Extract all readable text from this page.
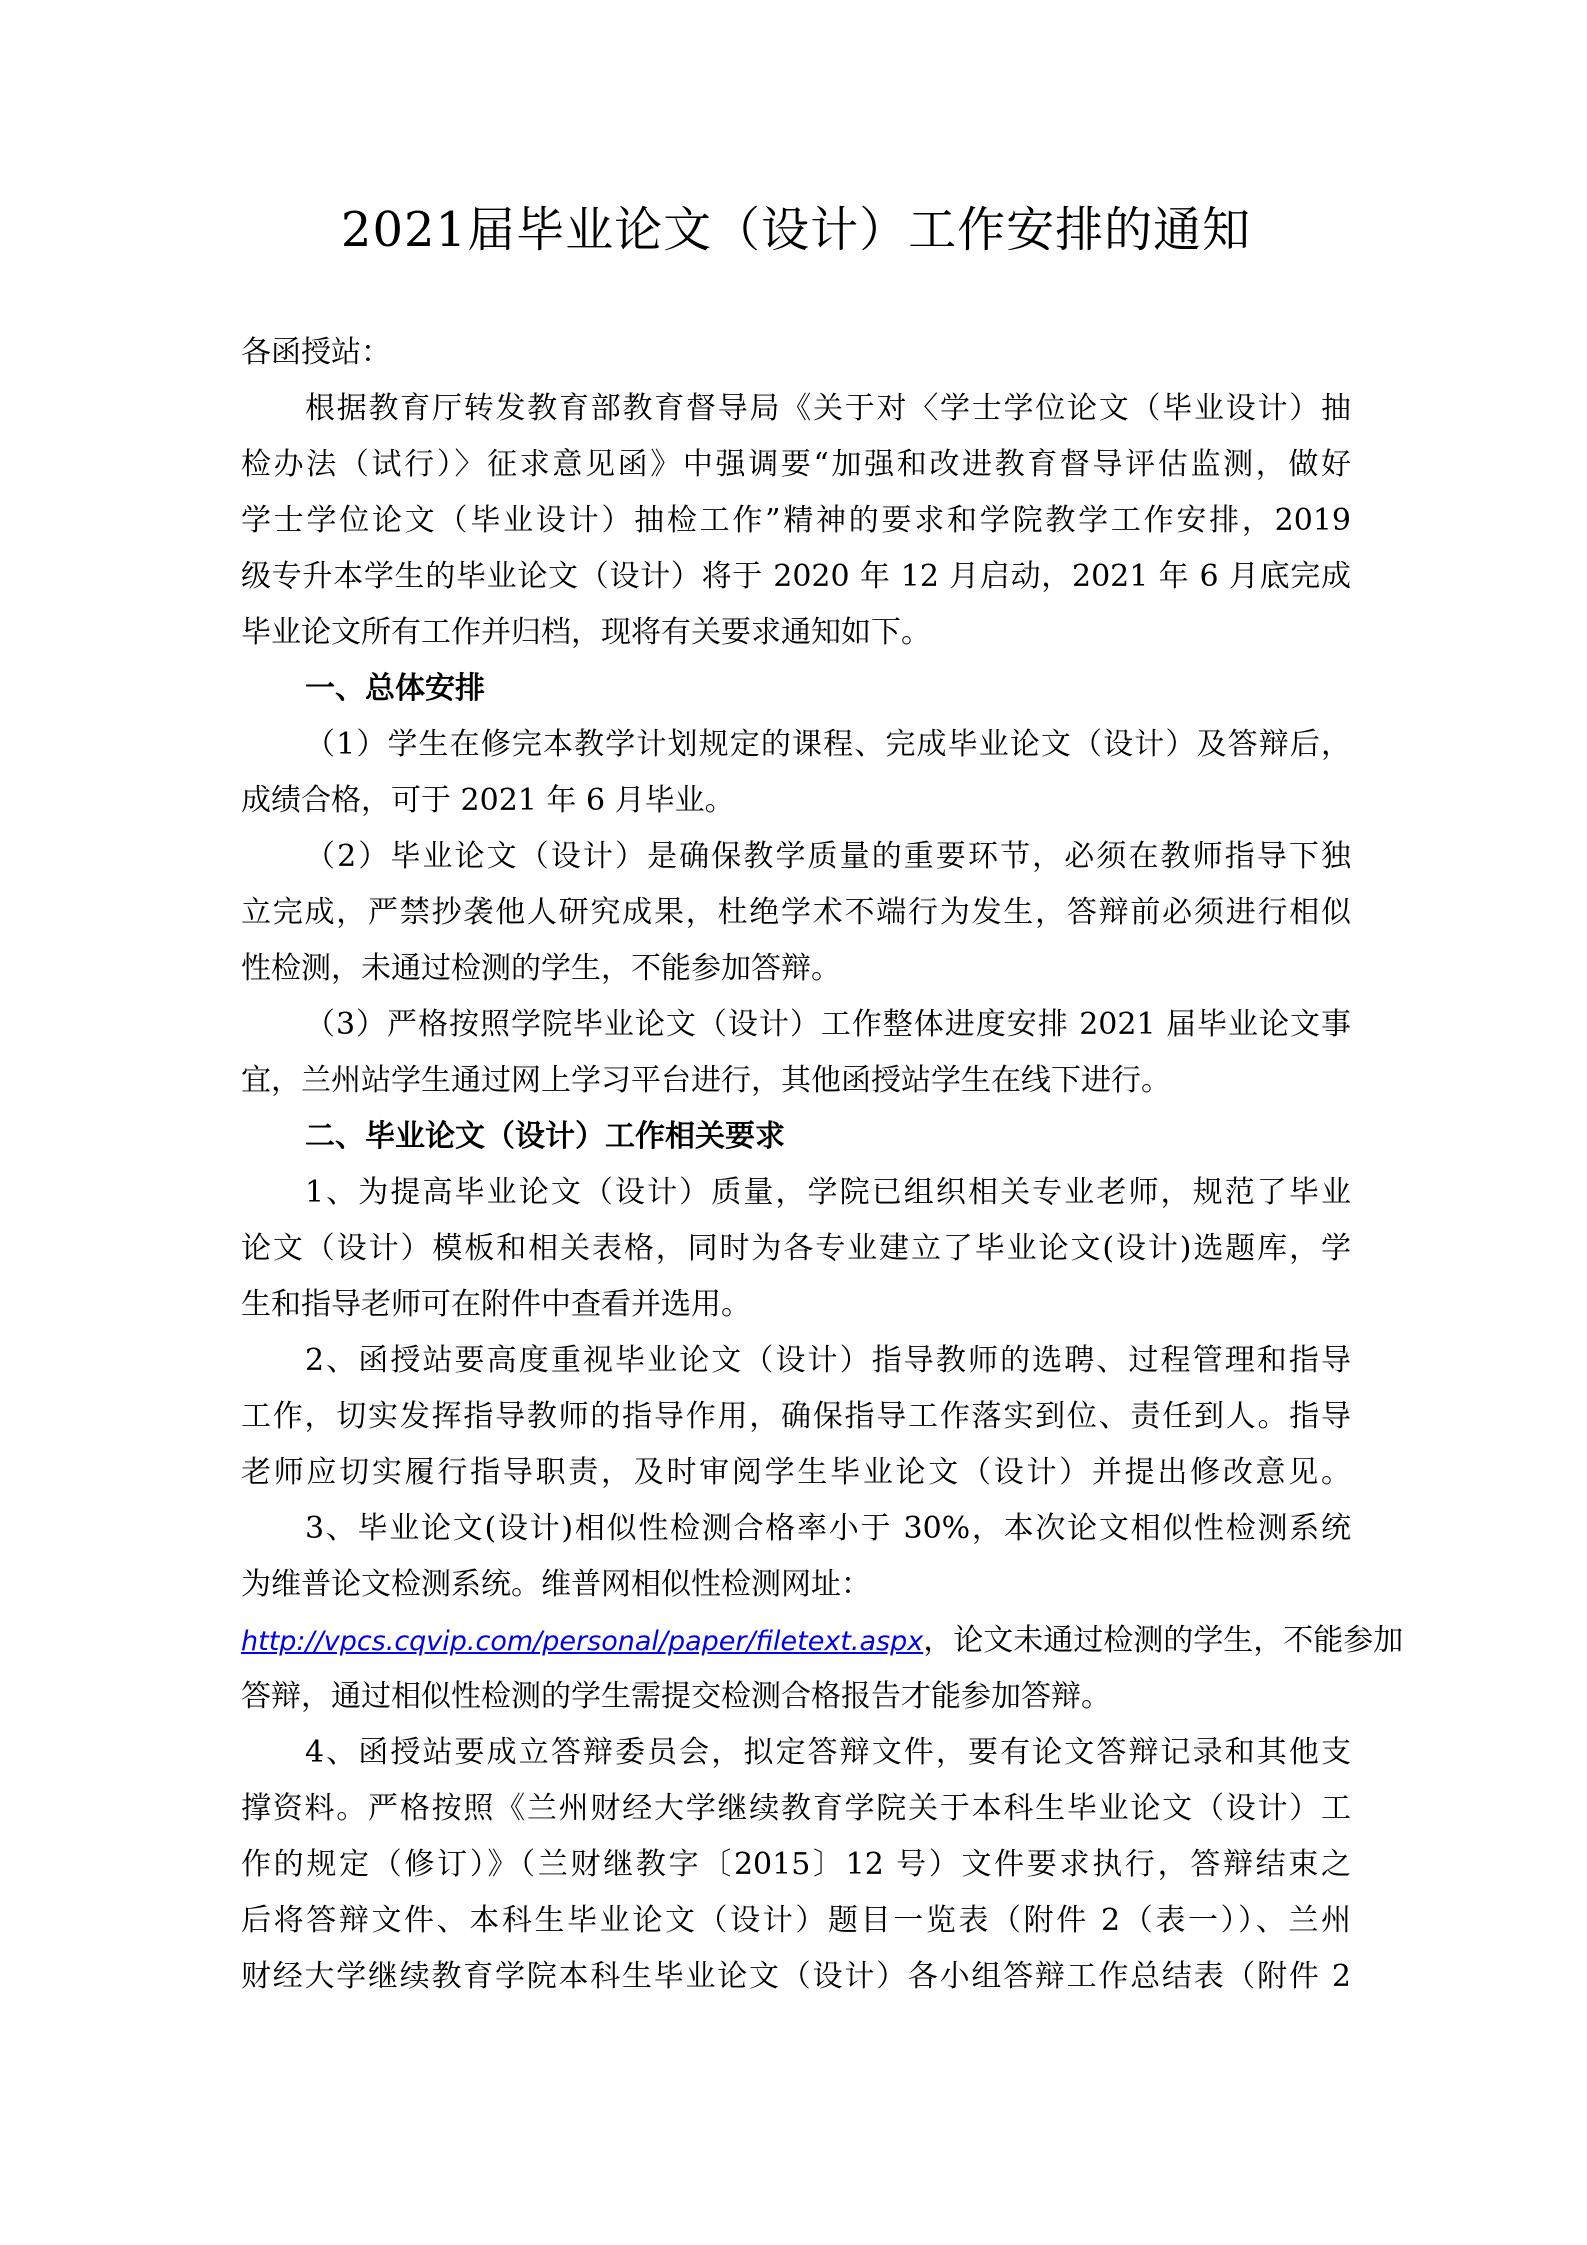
2021届毕业论文（设计）工作安排的通知
各函授站：
根据教育厅转发教育部教育督导局《关于对〈学士学位论文（毕业设计）抽
检办法（试行）〉征求意见函》中强调要“加强和改进教育督导评估监测，做好
学士学位论文（毕业设计）抽检工作”精神的要求和学院教学工作安排，2019
级专升本学生的毕业论文（设计）将于 2020 年 12 月启动，2021 年 6 月底完成
毕业论文所有工作并归档，现将有关要求通知如下。
一、总体安排
（1）学生在修完本教学计划规定的课程、完成毕业论文（设计）及答辩后，
成绩合格，可于 2021 年 6 月毕业。
（2）毕业论文（设计）是确保教学质量的重要环节，必须在教师指导下独
立完成，严禁抄袭他人研究成果，杜绝学术不端行为发生，答辩前必须进行相似
性检测，未通过检测的学生，不能参加答辩。
（3）严格按照学院毕业论文（设计）工作整体进度安排 2021 届毕业论文事
宜，兰州站学生通过网上学习平台进行，其他函授站学生在线下进行。
二、毕业论文（设计）工作相关要求
1、为提高毕业论文（设计）质量，学院已组织相关专业老师，规范了毕业
论文（设计）模板和相关表格，同时为各专业建立了毕业论文(设计)选题库，学
生和指导老师可在附件中查看并选用。
2、函授站要高度重视毕业论文（设计）指导教师的选聘、过程管理和指导
工作，切实发挥指导教师的指导作用，确保指导工作落实到位、责任到人。指导
老师应切实履行指导职责，及时审阅学生毕业论文（设计）并提出修改意见。
3、毕业论文(设计)相似性检测合格率小于 30%，本次论文相似性检测系统
为维普论文检测系统。维普网相似性检测网址：
http://vpcs.cqvip.com/personal/paper/filetext.aspx，论文未通过检测的学生，不能参加
答辩，通过相似性检测的学生需提交检测合格报告才能参加答辩。
4、函授站要成立答辩委员会，拟定答辩文件，要有论文答辩记录和其他支
撑资料。严格按照《兰州财经大学继续教育学院关于本科生毕业论文（设计）工
作的规定（修订）》（兰财继教字〔2015〕12 号）文件要求执行，答辩结束之
后将答辩文件、本科生毕业论文（设计）题目一览表（附件 2（表一））、兰州
财经大学继续教育学院本科生毕业论文（设计）各小组答辩工作总结表（附件 2
